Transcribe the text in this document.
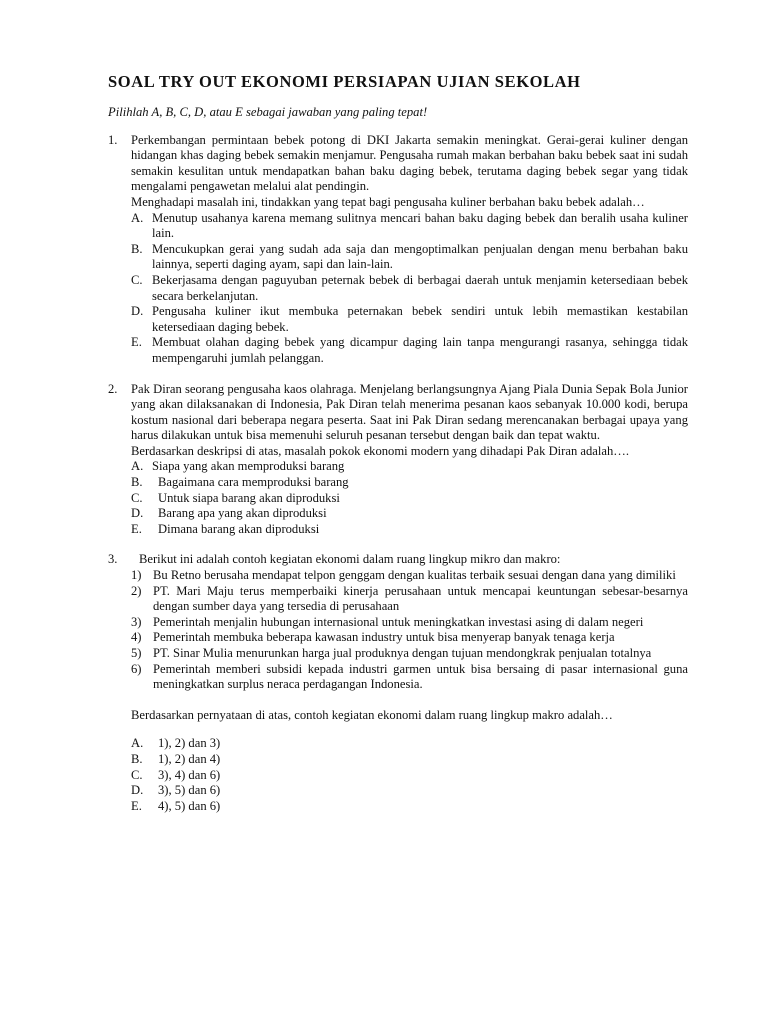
SOAL TRY OUT EKONOMI PERSIAPAN UJIAN SEKOLAH
Pilihlah A, B, C, D, atau E sebagai jawaban yang paling tepat!
1. Perkembangan permintaan bebek potong di DKI Jakarta semakin meningkat. Gerai-gerai kuliner dengan hidangan khas daging bebek semakin menjamur. Pengusaha rumah makan berbahan baku bebek saat ini sudah semakin kesulitan untuk mendapatkan bahan baku daging bebek, terutama daging bebek segar yang tidak mengalami pengawetan melalui alat pendingin.
Menghadapi masalah ini, tindakkan yang tepat bagi pengusaha kuliner berbahan baku bebek adalah…
A. Menutup usahanya karena memang sulitnya mencari bahan baku daging bebek dan beralih usaha kuliner lain.
B. Mencukupkan gerai yang sudah ada saja dan mengoptimalkan penjualan dengan menu berbahan baku lainnya, seperti daging ayam, sapi dan lain-lain.
C. Bekerjasama dengan paguyuban peternak bebek di berbagai daerah untuk menjamin ketersediaan bebek secara berkelanjutan.
D. Pengusaha kuliner ikut membuka peternakan bebek sendiri untuk lebih memastikan kestabilan ketersediaan daging bebek.
E. Membuat olahan daging bebek yang dicampur daging lain tanpa mengurangi rasanya, sehingga tidak mempengaruhi jumlah pelanggan.
2. Pak Diran seorang pengusaha kaos olahraga. Menjelang berlangsungnya Ajang Piala Dunia Sepak Bola Junior yang akan dilaksanakan di Indonesia, Pak Diran telah menerima pesanan kaos sebanyak 10.000 kodi, berupa kostum nasional dari beberapa negara peserta. Saat ini Pak Diran sedang merencanakan berbagai upaya yang harus dilakukan untuk bisa memenuhi seluruh pesanan tersebut dengan baik dan tepat waktu.
Berdasarkan deskripsi di atas, masalah pokok ekonomi modern yang dihadapi Pak Diran adalah….
A. Siapa yang akan memproduksi barang
B. Bagaimana cara memproduksi barang
C. Untuk siapa barang akan diproduksi
D. Barang apa yang akan diproduksi
E. Dimana barang akan diproduksi
3.	Berikut ini adalah contoh kegiatan ekonomi dalam ruang lingkup mikro dan makro:
1) Bu Retno berusaha mendapat telpon genggam dengan kualitas terbaik sesuai dengan dana yang dimiliki
2) PT. Mari Maju terus memperbaiki kinerja perusahaan untuk mencapai keuntungan sebesar-besarnya dengan sumber daya yang tersedia di perusahaan
3) Pemerintah menjalin hubungan internasional untuk meningkatkan investasi asing di dalam negeri
4) Pemerintah membuka beberapa kawasan industry untuk bisa menyerap banyak tenaga kerja
5) PT. Sinar Mulia menurunkan harga jual produknya dengan tujuan mendongkrak penjualan totalnya
6) Pemerintah memberi subsidi kepada industri garmen untuk bisa bersaing di pasar internasional guna meningkatkan surplus neraca perdagangan Indonesia.
Berdasarkan pernyataan di atas, contoh kegiatan ekonomi dalam ruang lingkup makro adalah…
A. 1), 2) dan 3)
B. 1), 2) dan 4)
C. 3), 4) dan 6)
D. 3), 5) dan 6)
E. 4), 5) dan 6)
